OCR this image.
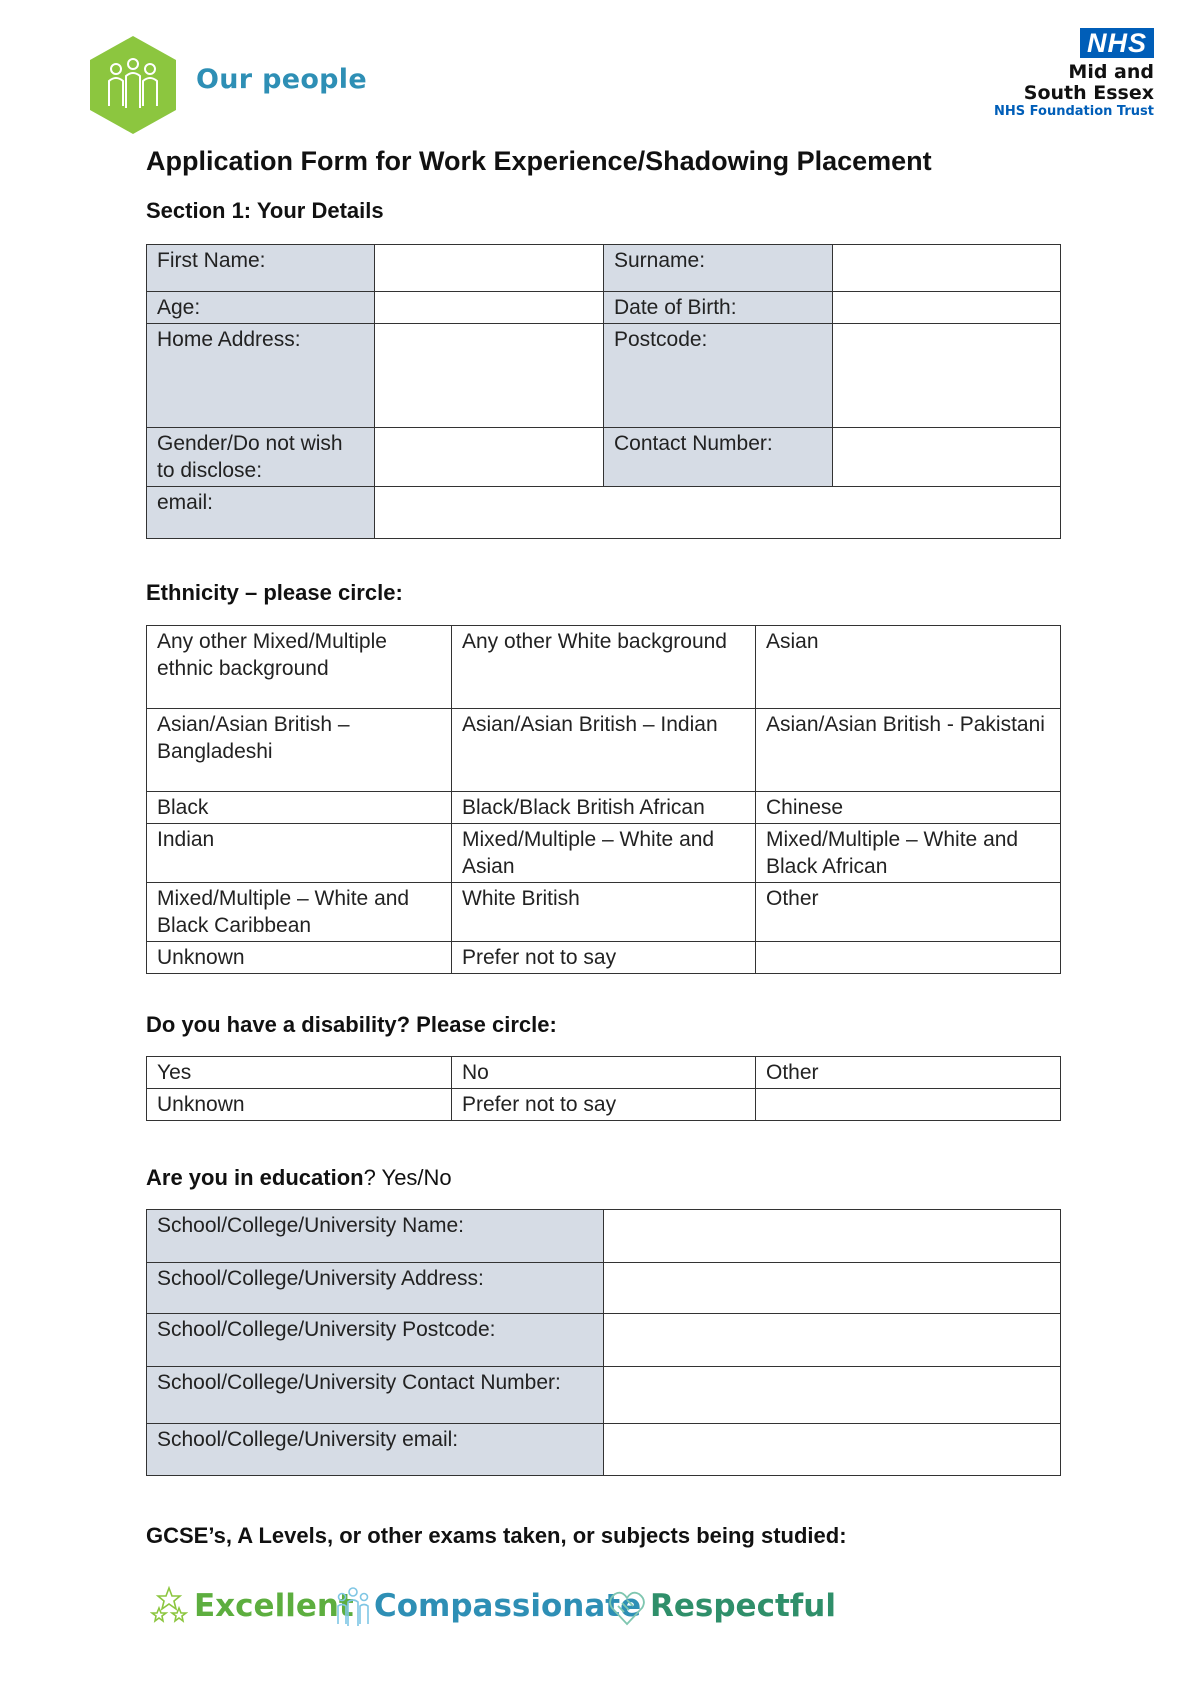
Our people
NHS
Mid and
South Essex
NHS Foundation Trust
Application Form for Work Experience/Shadowing Placement
Section 1: Your Details
First Name:		Surname:	
Age:		Date of Birth:	
Home Address:		Postcode:	
Gender/Do not wish to disclose:		Contact Number:	
email:			
Ethnicity – please circle:
Any other Mixed/Multiple ethnic background	Any other White background	Asian
Asian/Asian British – Bangladeshi	Asian/Asian British – Indian	Asian/Asian British - Pakistani
Black	Black/Black British African	Chinese
Indian	Mixed/Multiple – White and Asian	Mixed/Multiple – White and Black African
Mixed/Multiple – White and Black Caribbean	White British	Other
Unknown	Prefer not to say	
Do you have a disability? Please circle:
Yes	No	Other
Unknown	Prefer not to say	
Are you in education? Yes/No
School/College/University Name:	
School/College/University Address:	
School/College/University Postcode:	
School/College/University Contact Number:	
School/College/University email:	
GCSE’s, A Levels, or other exams taken, or subjects being studied:
Excellent Compassionate Respectful
